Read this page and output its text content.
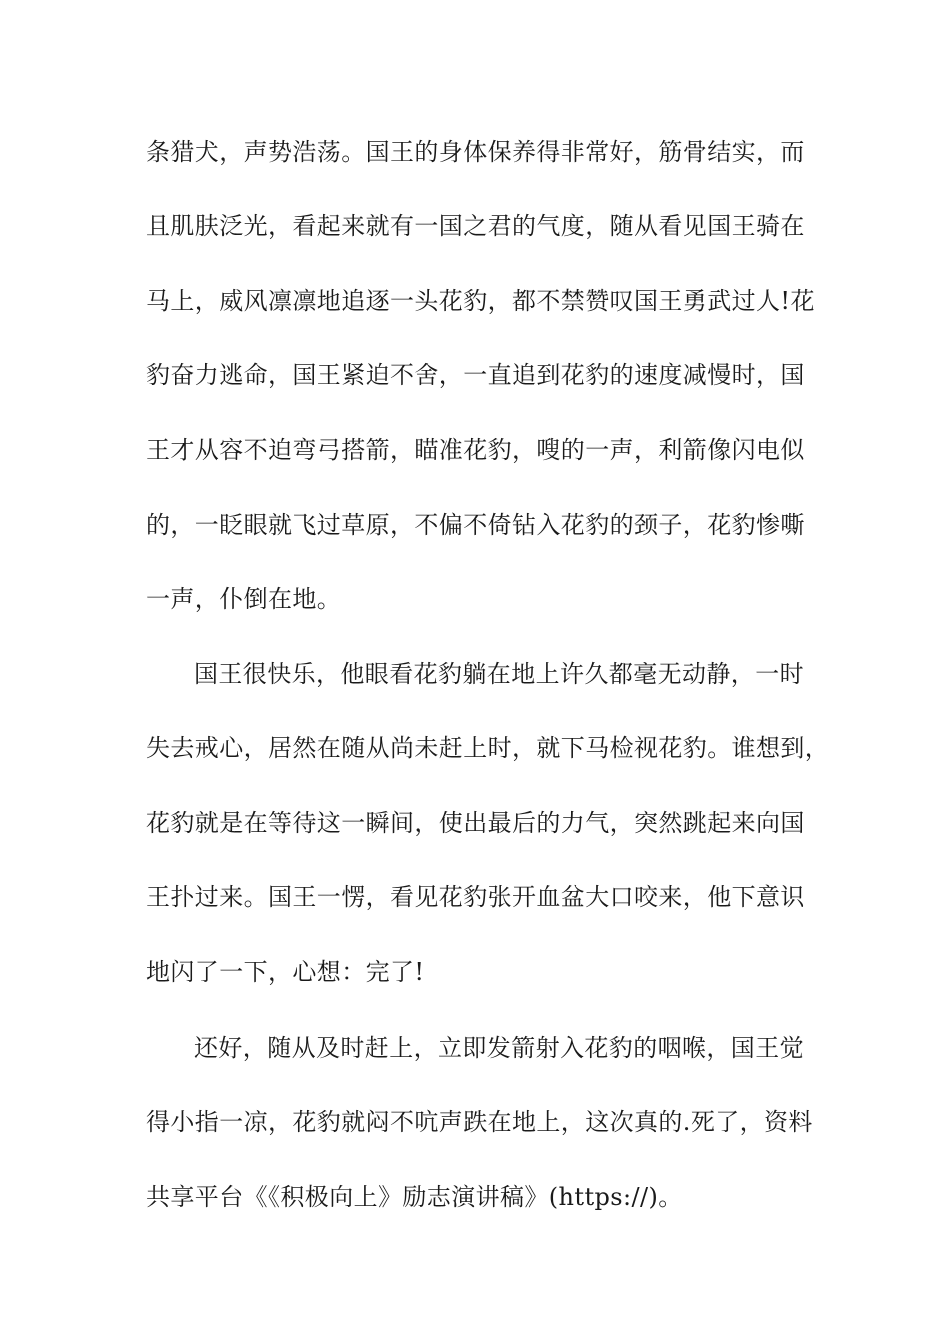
条猎犬，声势浩荡。国王的身体保养得非常好，筋骨结实，而
且肌肤泛光，看起来就有一国之君的气度，随从看见国王骑在
马上，威风凛凛地追逐一头花豹，都不禁赞叹国王勇武过人!花
豹奋力逃命，国王紧迫不舍，一直追到花豹的速度减慢时，国
王才从容不迫弯弓搭箭，瞄准花豹，嗖的一声，利箭像闪电似
的，一眨眼就飞过草原，不偏不倚钻入花豹的颈子，花豹惨嘶
一声，仆倒在地。
国王很快乐，他眼看花豹躺在地上许久都毫无动静，一时
失去戒心，居然在随从尚未赶上时，就下马检视花豹。谁想到，
花豹就是在等待这一瞬间，使出最后的力气，突然跳起来向国
王扑过来。国王一愣，看见花豹张开血盆大口咬来，他下意识
地闪了一下，心想：完了!
还好，随从及时赶上，立即发箭射入花豹的咽喉，国王觉
得小指一凉，花豹就闷不吭声跌在地上，这次真的.死了，资料
共享平台《《积极向上》励志演讲稿》(https://)。
